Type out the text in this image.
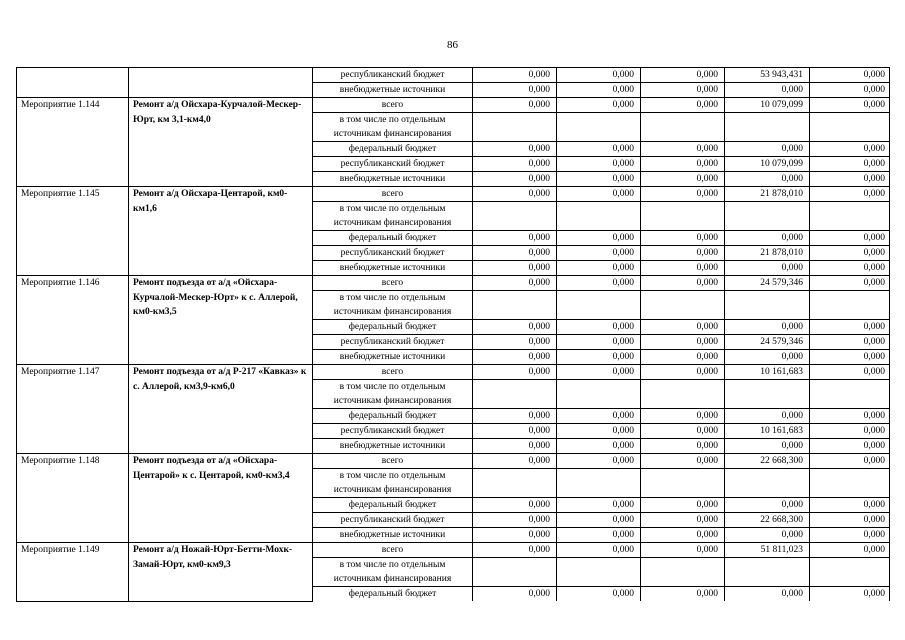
86
		республиканский бюджет	0,000	0,000	0,000	53 943,431	0,000
		внебюджетные источники	0,000	0,000	0,000	0,000	0,000
Мероприятие 1.144	Ремонт а/д Ойсхара-Курчалой-Мескер-Юрт, км 3,1-км4,0	всего	0,000	0,000	0,000	10 079,099	0,000
		в том числе по отдельным источникам финансирования					
		федеральный бюджет	0,000	0,000	0,000	0,000	0,000
		республиканский бюджет	0,000	0,000	0,000	10 079,099	0,000
		внебюджетные источники	0,000	0,000	0,000	0,000	0,000
Мероприятие 1.145	Ремонт а/д Ойсхара-Центарой, км0-км1,6	всего	0,000	0,000	0,000	21 878,010	0,000
		в том числе по отдельным источникам финансирования					
		федеральный бюджет	0,000	0,000	0,000	0,000	0,000
		республиканский бюджет	0,000	0,000	0,000	21 878,010	0,000
		внебюджетные источники	0,000	0,000	0,000	0,000	0,000
Мероприятие 1.146	Ремонт подъезда от а/д «Ойсхара-Курчалой-Мескер-Юрт» к с. Аллерой, км0-км3,5	всего	0,000	0,000	0,000	24 579,346	0,000
		в том числе по отдельным источникам финансирования					
		федеральный бюджет	0,000	0,000	0,000	0,000	0,000
		республиканский бюджет	0,000	0,000	0,000	24 579,346	0,000
		внебюджетные источники	0,000	0,000	0,000	0,000	0,000
Мероприятие 1.147	Ремонт подъезда от а/д Р-217 «Кавказ» к с. Аллерой, км3,9-км6,0	всего	0,000	0,000	0,000	10 161,683	0,000
		в том числе по отдельным источникам финансирования					
		федеральный бюджет	0,000	0,000	0,000	0,000	0,000
		республиканский бюджет	0,000	0,000	0,000	10 161,683	0,000
		внебюджетные источники	0,000	0,000	0,000	0,000	0,000
Мероприятие 1.148	Ремонт подъезда от а/д «Ойсхара-Центарой» к с. Центарой, км0-км3,4	всего	0,000	0,000	0,000	22 668,300	0,000
		в том числе по отдельным источникам финансирования					
		федеральный бюджет	0,000	0,000	0,000	0,000	0,000
		республиканский бюджет	0,000	0,000	0,000	22 668,300	0,000
		внебюджетные источники	0,000	0,000	0,000	0,000	0,000
Мероприятие 1.149	Ремонт а/д Ножай-Юрт-Бетти-Мохк-Замай-Юрт, км0-км9,3	всего	0,000	0,000	0,000	51 811,023	0,000
		в том числе по отдельным источникам финансирования					
		федеральный бюджет	0,000	0,000	0,000	0,000	0,000
